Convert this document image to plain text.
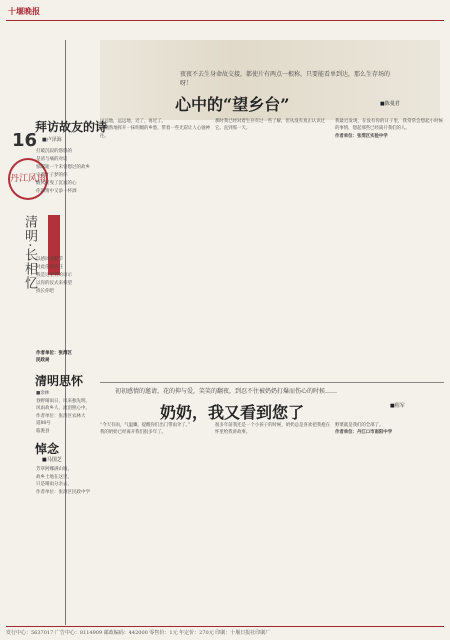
十堰晚报
16
丹江风雨
清明·长相忆
拜访故友的诗
■卢泽海
打破沉寂的悠悠的
是清与痛的对话
惊醒逝一个未曾想过的故乡
守着才子梦的你
醒风摇曳了沉寂的心
你深情中又添一杯酒
以感同的鼓节
对此你的信任
我是这里者的请示
以你的仪式来相望
找长你吧
作者单位：张湾区
民政局
清明思怀
■余林
春野晴雨日，风来独先明。
风雨故乡人，流泪照心中。
作者单位：张湾区农林大
道88号
临洮县
悼念
■马国芝
芳草阿娜满山坡，
故乡土地在这里，
只是晴雨分亲去，
作者单位：张湾区民政中学
夜夜不去生身命故交接，都使片有两点一根称，只要能看单到达，那么生存场的呀！
心中的“望乡台”	■陈曼君
远远地，远远地，近了，再近了。
翩翩然地挥开一抹明媚的乡愁，带着一些光彩让人心驰神往。
那时我已经对着生存有过一些了解，但从没有真正认识过它。直到那一天。
我最近发现，在没有你的日子里，我常常会想起小时候的事情，想起那些已经离开我们的人。
作者单位：张湾区实验中学
初初感情的邀请，花的抑与爱，笑笑的翻夜，到忍不住被奶奶打爆而伤心的时候……
奶奶，我又看到您了	■程军
“今天有雨，气温骤，提醒你们出门带雨伞了。”
我的奶奶已经离开我们很多年了。
很多年前我还是一个小孩子的时候，奶奶总是喜欢把我抱在怀里给我讲故事。
野菜就是我们的全部了。
作者单位：丹江口市南阳中学
发行中心：5637017 广告中心：8114909 邮政编码：442000 零售价：1元 年定价：270元 印刷：十堰日报社印刷厂
